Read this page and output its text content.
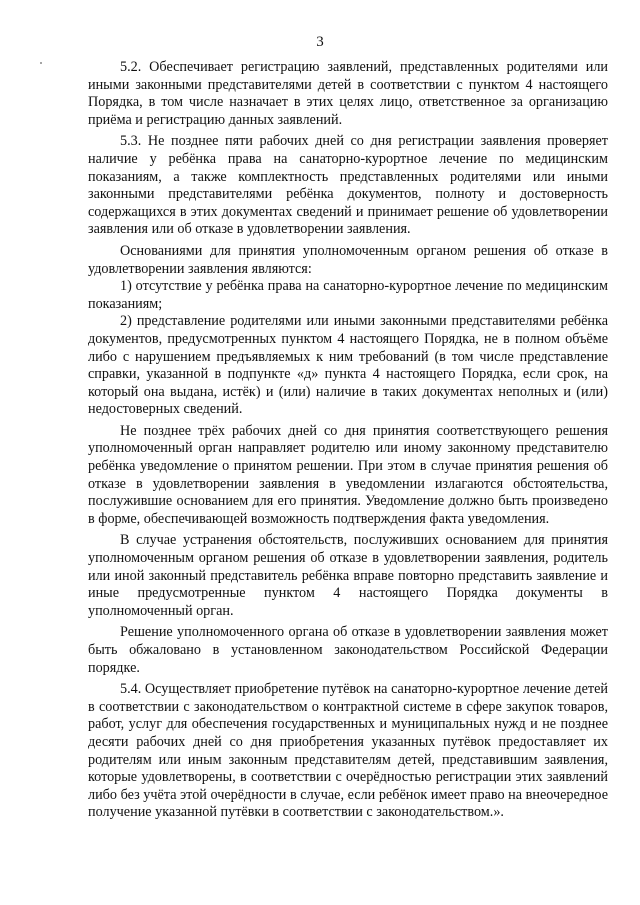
3

5.2. Обеспечивает регистрацию заявлений, представленных родителями или иными законными представителями детей в соответствии с пунктом 4 настоящего Порядка, в том числе назначает в этих целях лицо, ответственное за организацию приёма и регистрацию данных заявлений.

5.3. Не позднее пяти рабочих дней со дня регистрации заявления проверяет наличие у ребёнка права на санаторно-курортное лечение по медицинским показаниям, а также комплектность представленных родителями или иными законными представителями ребёнка документов, полноту и достоверность содержащихся в этих документах сведений и принимает решение об удовлетворении заявления или об отказе в удовлетворении заявления.

Основаниями для принятия уполномоченным органом решения об отказе в удовлетворении заявления являются:

1) отсутствие у ребёнка права на санаторно-курортное лечение по медицинским показаниям;

2) представление родителями или иными законными представителями ребёнка документов, предусмотренных пунктом 4 настоящего Порядка, не в полном объёме либо с нарушением предъявляемых к ним требований (в том числе представление справки, указанной в подпункте «д» пункта 4 настоящего Порядка, если срок, на который она выдана, истёк) и (или) наличие в таких документах неполных и (или) недостоверных сведений.

Не позднее трёх рабочих дней со дня принятия соответствующего решения уполномоченный орган направляет родителю или иному законному представителю ребёнка уведомление о принятом решении. При этом в случае принятия решения об отказе в удовлетворении заявления в уведомлении излагаются обстоятельства, послужившие основанием для его принятия. Уведомление должно быть произведено в форме, обеспечивающей возможность подтверждения факта уведомления.

В случае устранения обстоятельств, послуживших основанием для принятия уполномоченным органом решения об отказе в удовлетворении заявления, родитель или иной законный представитель ребёнка вправе повторно представить заявление и иные предусмотренные пунктом 4 настоящего Порядка документы в уполномоченный орган.

Решение уполномоченного органа об отказе в удовлетворении заявления может быть обжаловано в установленном законодательством Российской Федерации порядке.

5.4. Осуществляет приобретение путёвок на санаторно-курортное лечение детей в соответствии с законодательством о контрактной системе в сфере закупок товаров, работ, услуг для обеспечения государственных и муниципальных нужд и не позднее десяти рабочих дней со дня приобретения указанных путёвок предоставляет их родителям или иным законным представителям детей, представившим заявления, которые удовлетворены, в соответствии с очерёдностью регистрации этих заявлений либо без учёта этой очерёдности в случае, если ребёнок имеет право на внеочередное получение указанной путёвки в соответствии с законодательством.».
